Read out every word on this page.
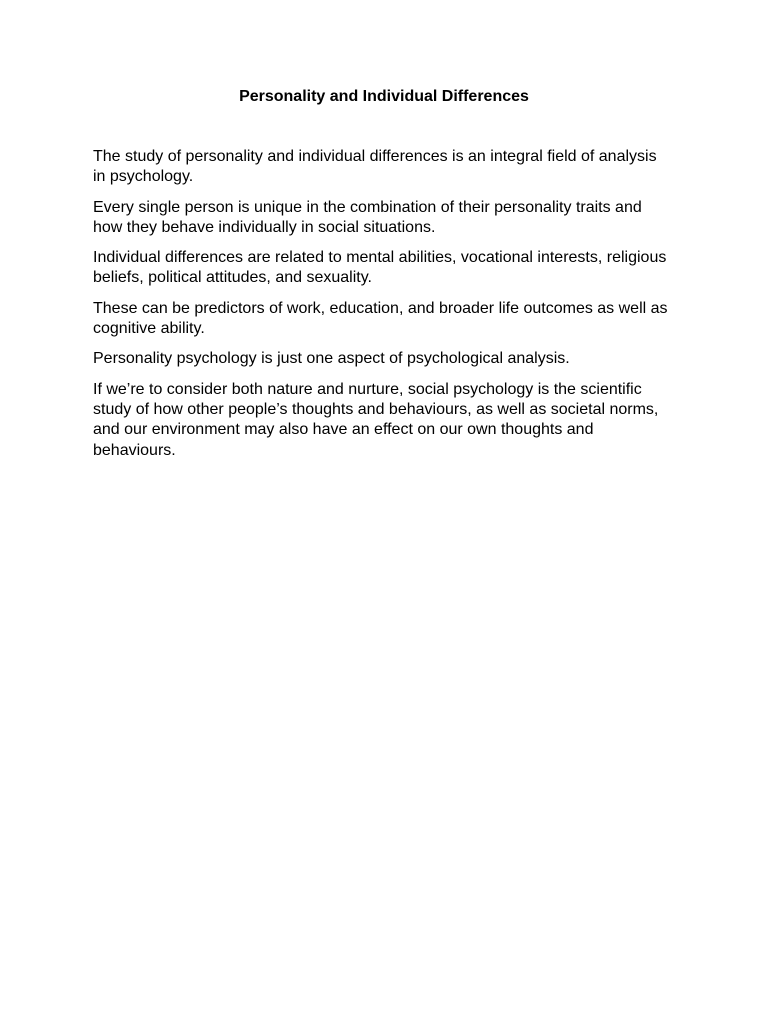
Personality and Individual Differences

The study of personality and individual differences is an integral field of analysis in psychology.

Every single person is unique in the combination of their personality traits and how they behave individually in social situations.

Individual differences are related to mental abilities, vocational interests, religious beliefs, political attitudes, and sexuality.

These can be predictors of work, education, and broader life outcomes as well as cognitive ability.

Personality psychology is just one aspect of psychological analysis.

If we’re to consider both nature and nurture, social psychology is the scientific study of how other people’s thoughts and behaviours, as well as societal norms, and our environment may also have an effect on our own thoughts and behaviours.
